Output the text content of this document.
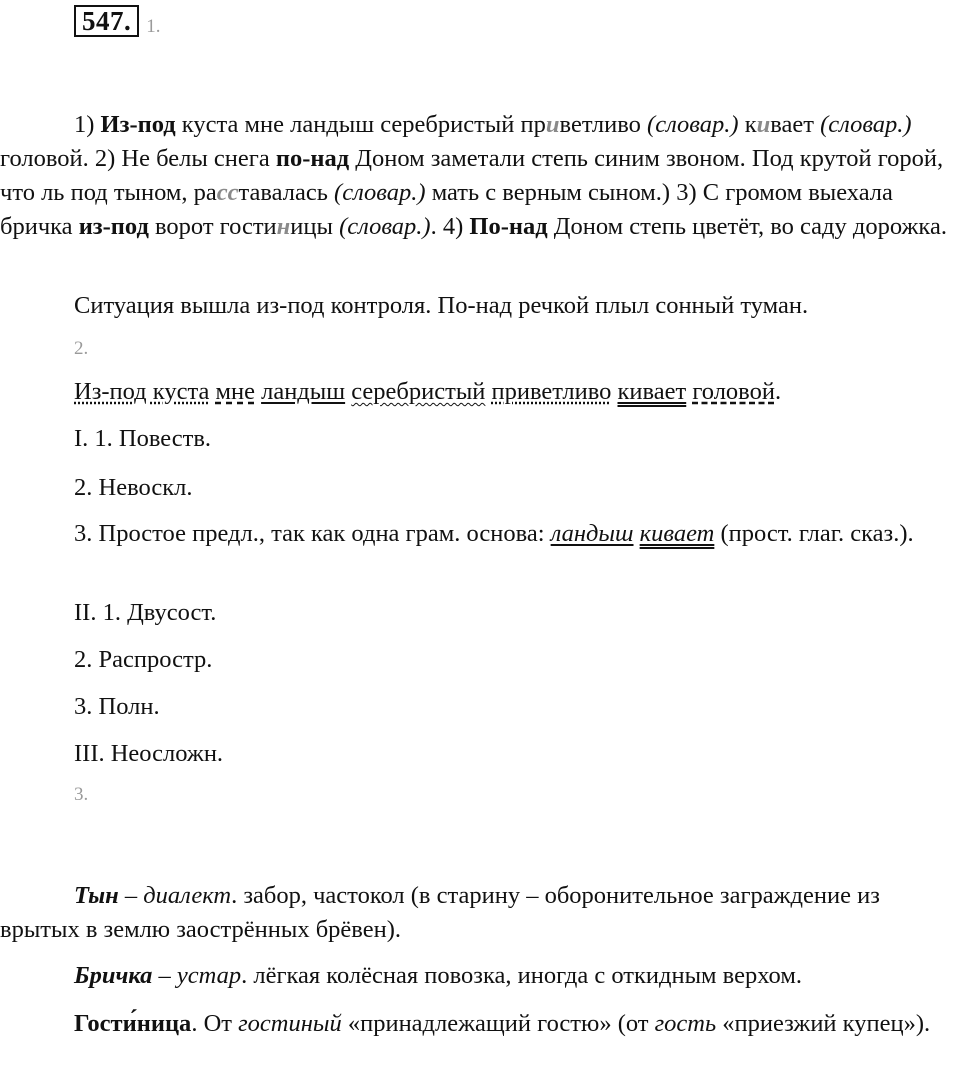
547. 1.

1) Из-под куста мне ландыш серебристый приветливо (словар.) кивает (словар.) головой. 2) Не белы снега по-над Доном заметали степь синим звоном. Под крутой горой, что ль под тыном, расставалась (словар.) мать с верным сыном.) 3) С громом выехала бричка из-под ворот гостиницы (словар.). 4) По-над Доном степь цветёт, во саду дорожка.

Ситуация вышла из-под контроля. По-над речкой плыл сонный туман.

2.

Из-под куста мне ландыш серебристый приветливо кивает головой.

I. 1. Повеств.

2. Невоскл.

3. Простое предл., так как одна грам. основа: ландыш кивает (прост. глаг. сказ.).

II. 1. Двусост.

2. Распростр.

3. Полн.

III. Неосложн.

3.

Тын – диалект. забор, частокол (в старину – оборонительное заграждение из врытых в землю заострённых брёвен).

Бричка – устар. лёгкая колёсная повозка, иногда с откидным верхом.

Гости́ница. От гостиный «принадлежащий гостю» (от гость «приезжий купец»).
